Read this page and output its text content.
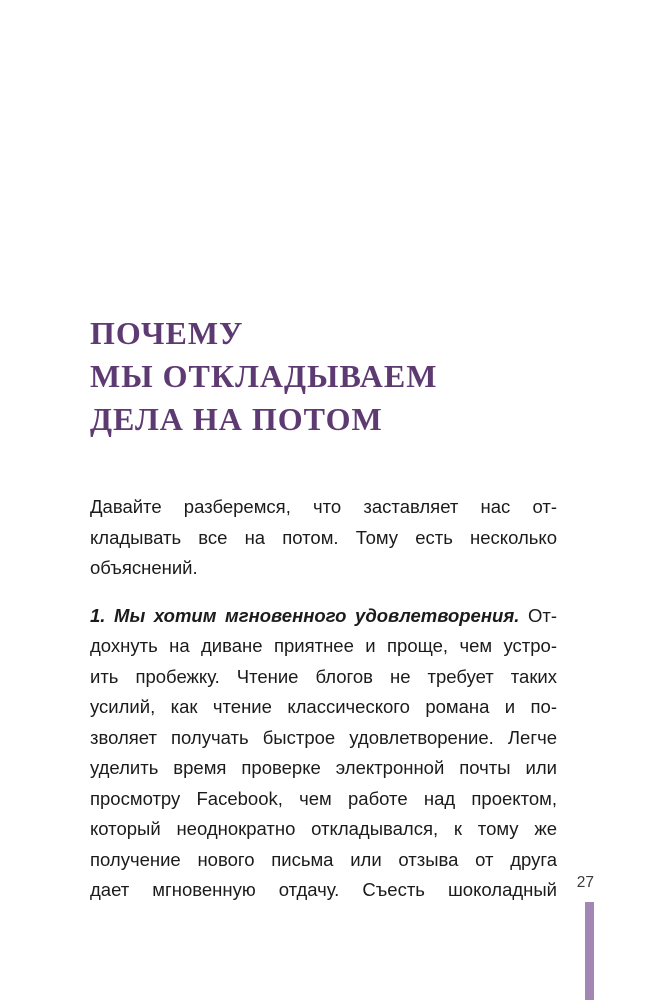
ПОЧЕМУ
МЫ ОТКЛАДЫВАЕМ
ДЕЛА НА ПОТОМ
Давайте разберемся, что заставляет нас от-
кладывать все на потом. Тому есть несколько
объяснений.
1. Мы хотим мгновенного удовлетворения. От-
дохнуть на диване приятнее и проще, чем устро-
ить пробежку. Чтение блогов не требует таких
усилий, как чтение классического романа и по-
зволяет получать быстрое удовлетворение. Легче
уделить время проверке электронной почты или
просмотру Facebook, чем работе над проектом,
который неоднократно откладывался, к тому же
получение нового письма или отзыва от друга
дает мгновенную отдачу. Съесть шоколадный	27
